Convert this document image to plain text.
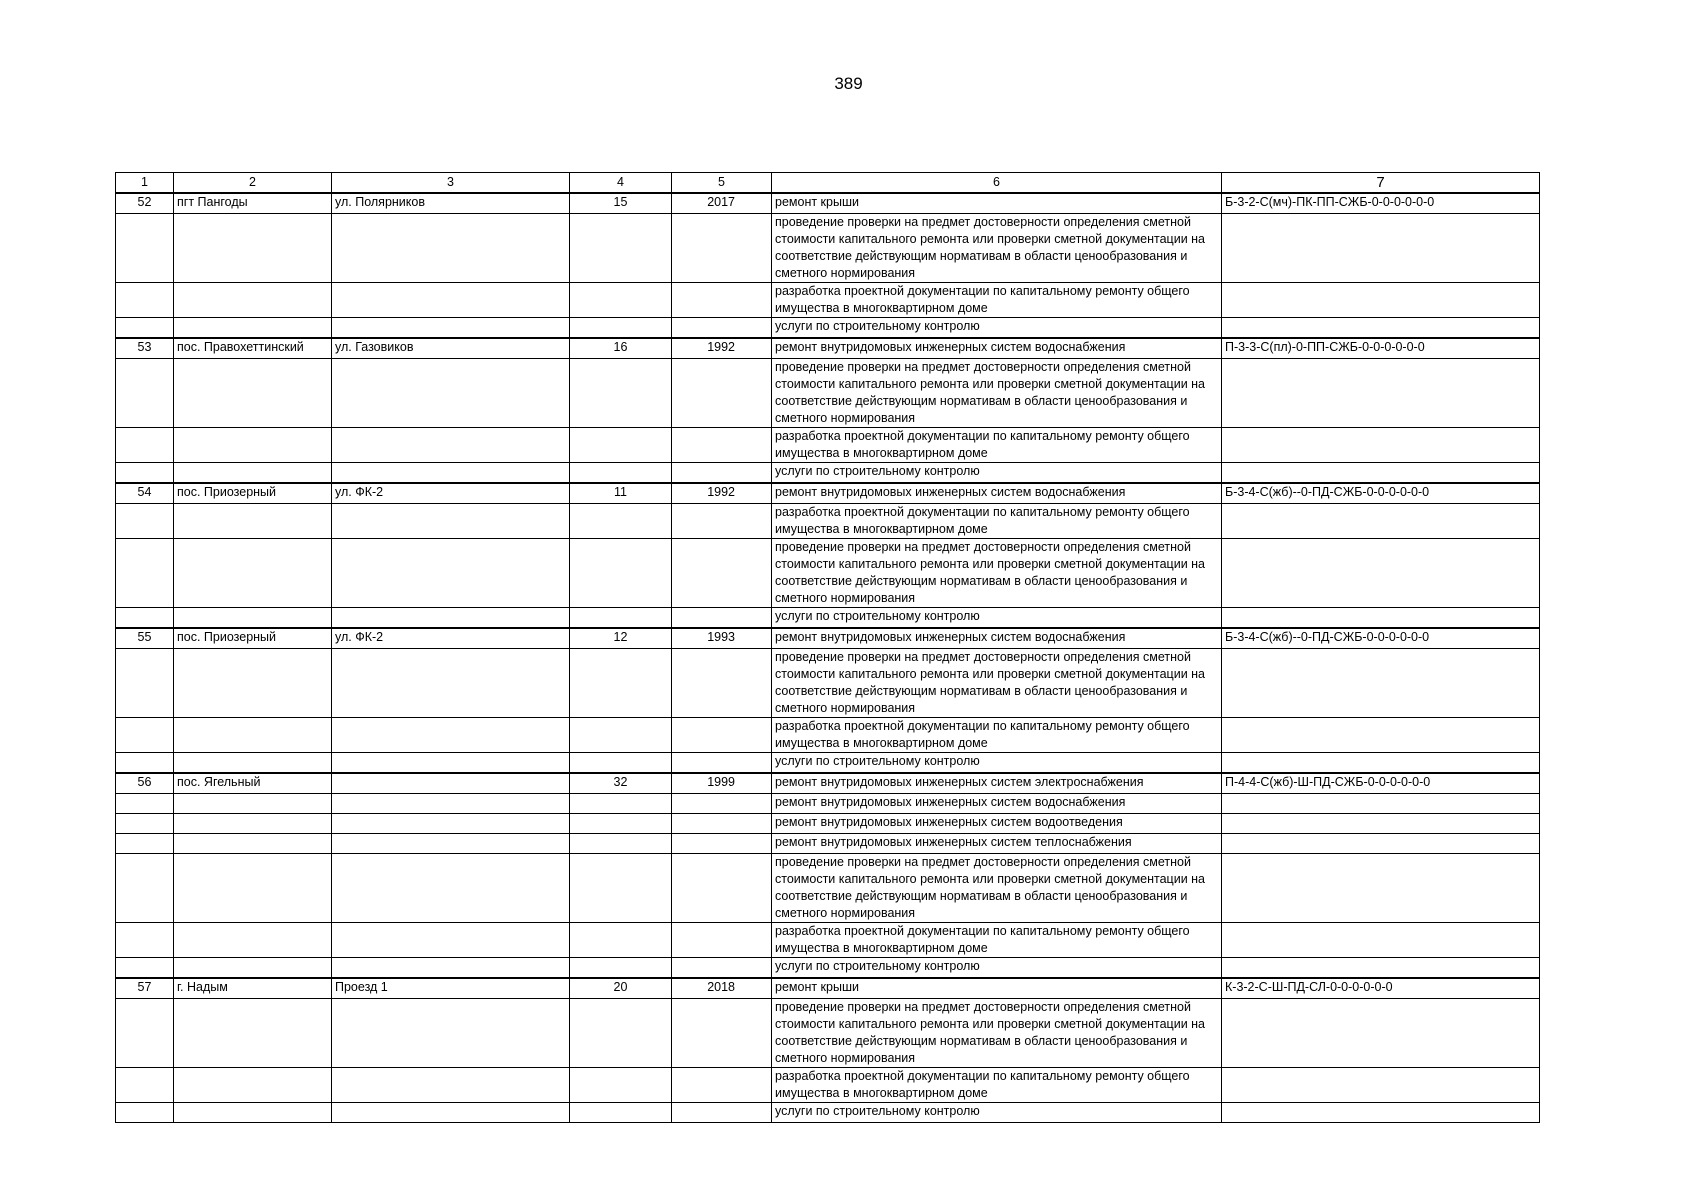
389
1	2	3	4	5	6	7
52	пгт Пангоды	ул. Полярников	15	2017	ремонт крыши	Б-3-2-С(мч)-ПК-ПП-СЖБ-0-0-0-0-0-0
					проведение проверки на предмет достоверности определения сметной стоимости капитального ремонта или проверки сметной документации на соответствие действующим нормативам в области ценообразования и сметного нормирования	
					разработка проектной документации по капитальному ремонту общего имущества в многоквартирном доме	
					услуги по строительному контролю	
53	пос. Правохеттинский	ул. Газовиков	16	1992	ремонт внутридомовых инженерных систем водоснабжения	П-3-3-С(пл)-0-ПП-СЖБ-0-0-0-0-0-0
					проведение проверки на предмет достоверности определения сметной стоимости капитального ремонта или проверки сметной документации на соответствие действующим нормативам в области ценообразования и сметного нормирования	
					разработка проектной документации по капитальному ремонту общего имущества в многоквартирном доме	
					услуги по строительному контролю	
54	пос. Приозерный	ул. ФК-2	11	1992	ремонт внутридомовых инженерных систем водоснабжения	Б-3-4-С(жб)--0-ПД-СЖБ-0-0-0-0-0-0
					разработка проектной документации по капитальному ремонту общего имущества в многоквартирном доме	
					проведение проверки на предмет достоверности определения сметной стоимости капитального ремонта или проверки сметной документации на соответствие действующим нормативам в области ценообразования и сметного нормирования	
					услуги по строительному контролю	
55	пос. Приозерный	ул. ФК-2	12	1993	ремонт внутридомовых инженерных систем водоснабжения	Б-3-4-С(жб)--0-ПД-СЖБ-0-0-0-0-0-0
					проведение проверки на предмет достоверности определения сметной стоимости капитального ремонта или проверки сметной документации на соответствие действующим нормативам в области ценообразования и сметного нормирования	
					разработка проектной документации по капитальному ремонту общего имущества в многоквартирном доме	
					услуги по строительному контролю	
56	пос. Ягельный		32	1999	ремонт внутридомовых инженерных систем электроснабжения	П-4-4-С(жб)-Ш-ПД-СЖБ-0-0-0-0-0-0
					ремонт внутридомовых инженерных систем водоснабжения	
					ремонт внутридомовых инженерных систем водоотведения	
					ремонт внутридомовых инженерных систем теплоснабжения	
					проведение проверки на предмет достоверности определения сметной стоимости капитального ремонта или проверки сметной документации на соответствие действующим нормативам в области ценообразования и сметного нормирования	
					разработка проектной документации по капитальному ремонту общего имущества в многоквартирном доме	
					услуги по строительному контролю	
57	г. Надым	Проезд 1	20	2018	ремонт крыши	К-3-2-С-Ш-ПД-СЛ-0-0-0-0-0-0
					проведение проверки на предмет достоверности определения сметной стоимости капитального ремонта или проверки сметной документации на соответствие действующим нормативам в области ценообразования и сметного нормирования	
					разработка проектной документации по капитальному ремонту общего имущества в многоквартирном доме	
					услуги по строительному контролю	
